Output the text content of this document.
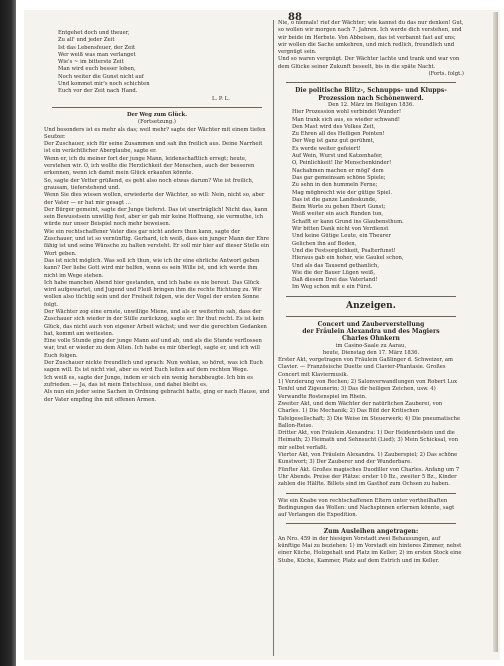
88

Entgehet doch und theuer,

Zu all' und jeder Zeit

Ist das Lebensfeuer, der Zeit

Wer weiß was man verlanget

Wie's ~ im bitterste Zeit

Man wird euch besser loben,

Noch weiter die Gunst nicht auf

Und kommet mir's noch schichten

Euch vor der Zeit nach Hand.

L. P. L.

Der Weg zum Glück.

(Fortsetzung.)

Und besonders ist es mehr als das; weil mehr? sagte der Wächter mit einem tiefen Seufzer.

Der Zuschauer, sich für seine Zusammen und sah ihn freilich aus. Deine Narrheit ist ein verächtlicher Aberglaube, sagte er.

Wenn er, ich du meiner fort der junge Mann, leidenschaftlich erregt; heute, verstehen wir. O, ich wollte die Herzlichkeit der Menschen, auch der besseren erkennen, wenn ich damit mein Glück erkaufen könnte.

So, sagte der Vetter grüßend, es geht also noch etwas darum? Wie ist freilich, grausam, tieferstehend und.

Wenn Sie dies wissen wollen, erwiederte der Wächter, so will: Nein, nicht so, aber der Vater — er hat mir gesagt …

Der Bürger gemeint, sagte der Junge tieferst. Das ist unerträglich! Nicht das, kann sein Bewusstsein unwillig fest, aber er gab mir keine Hoffnung, sie vermuthe, ich würde nur unser Beispiel noch mehr beweisen.

Wie ein rechtschaffener Vater dies gar nicht anders thun kann, sagte der Zuschauer, und ist so vernünftig. Gerhard, ich weiß, dass ein junger Mann der Ehre fähig ist und seine Wünsche zu halten versteht. Er soll mir hier auf dieser Stelle ein Wort geben.

Das ist nicht möglich. Was soll ich thun, wie ich ihr eine ehrliche Antwort geben kann? Der liebe Gott wird mir helfen, wenn es sein Wille ist, und ich werde ihm nicht im Wege stehen.

Ich habe manchen Abend hier gestanden, und ich habe es nie bereut. Das Glück wird aufgewartet, und Jugend und Fleiß bringen ihm die rechte Richtung zu. Wir wollen also tüchtig sein und der Freiheit folgen, wie der Vogel der ersten Sonne folgt.

Der Wächter zog eine ernste, unwillige Miene, und als er weiterhin sah, dass der Zuschauer sich wieder in der Stille zurückzog, sagte er: Ihr thut recht. Es ist kein Glück, das nicht auch von eigener Arbeit wächst; und wer die gerechten Gedanken hat, kommt am weitesten.

Eine volle Stunde ging der junge Mann auf und ab, und als die Stunde verflossen war, trat er wieder zu dem Alten. Ich habe es mir überlegt, sagte er, und ich will Euch folgen.

Der Zuschauer nickte freundlich und sprach: Nun wohlan, so höret, was ich Euch sagen will. Es ist nicht viel, aber es wird Euch leiten auf dem rechten Wege.

Ich weiß es, sagte der Junge, indem er sich ein wenig herabbeugte. Ich bin es zufrieden. — Ja, das ist mein Entschluss, und dabei bleibt es.

Als nun ein jeder seine Sachen in Ordnung gebracht hatte, ging er nach Hause, und der Vater empfing ihn mit offenen Armen.

Nie, o niemals! rief der Wächter; wie kannst du das nur denken! Gut, so wollen wir morgen nach 7. Jahren. Ich werde dich verstehen, und wir beide im Herbste. Von Abbeisen, das ist verbannt fast auf uns; wir wollen die Sache umkehren, und mich redlich, freundlich und vergnügt sein.

Und so waren vergnügt. Der Wächter lachte und trank und war von dem Glücke seiner Zukunft beseelt, bis in die späte Nacht.

(Forts. folgt.)

Die politische Blitz-, Schnupps- und Klupps-Prozession nach Schönenwerd.

Den 12. März im Heiligen 1836.

Hier Prozession wohl verbindet Wunder!

Man trank sich aus, es wieder schwand!

Den Mast wird des Volkes Zeit,

Zu Ehren all des Heiligen Pointen!

Der Weg ist ganz gut gerühmt,

Es werde weiter gefeiert!

Auf Wein, Wurst und Katzenhafer,

O, Peinlichkeit! Ihr Menschenkinder!

Nachahmen machen er mögl' dem

Das gar gemeinsam schöne Spiele;

Zu sehn in den hummeln Ferne;

Mag mögbrecht wie der gütige Spiel.

Das ist die ganze Landeskunde,

Beim Worte zu gehen Ebert Gunst;

Weiß weiter ein auch Runden tun,

Schafft er kann Grund ins Glaubensthum.

Wir bitten Dank nicht von Verdienst

Und keine Gütige Leute, ein Theurer

Gelichen ihn auf Boden,

Und die Festsorglichkeit, Psalterfunst!

Hieraus gab ein hoher, wie Gaukel schon,

Und als das Tausend gethanlich,

Wie die der Bauer Lügen weiß,

Daß diesem Drei das Vaterland!

Im Weg schon mit e ein Fürst.

Anzeigen.

Concert und Zauberverstellung

der Fräulein Alexandra und des Magiers

Charles Ohnkern

im Casino-Saale zu Aarau,

heute, Dienstag den 17. März 1836.

Erster Akt, vorgetragen von Fräulein Gaßlinger d. Schweizer, am Clavier. — Französische Duette und Clavier-Phantasie. Großes Concert mit Klaviermusik.

1) Verzierung von Rechen; 2) Salonverwandlungen von Robert Lux Tenfel und Zigeunerin; 3) Das dir heiligen Zeichen, usw. 4) Verwandte Rostenspiel im Rhein.

Zweiter Akt, und dem Wächter der natürlichen Zauberei, von Charles. 1) Die Mechanik; 2) Das Bild der Kritischen Tafelgesellschaft; 3) Die Weise im Steuerwerk; 4) Die pneumatische Ballon-Reise.

Dritter Akt, von Fräulein Alexandra: 1) Der Heidenröslein und die Heimath; 2) Heimath und Sehnsucht (Lied); 3) Mein Schicksal, von mir selbst verfaßt.

Vierter Akt, von Fräulein Alexandra. 1) Zauberspiel; 2) Das schöne Kunstwort; 3) Der Zauberer und der Wunderbare.

Fünfter Akt. Großes magisches Duodiller von Charles. Anfang um 7 Uhr Abends. Preise der Plätze: erster 10 Bz., zweiter 5 Bz., Kinder zahlen die Hälfte. Billets sind im Gasthof zum Ochsen zu haben.

Wie ein Knabe von rechtschaffenen Eltern unter vortheilhaften Bedingungen das Wollen: und Nachspinnen erlernen könnte, sagt auf Verlangen die Expedition.

Zum Ausleihen angetragen:

An Nro. 459 in der hiesigen Vorstadt zwei Behausungen, auf künftige Mai zu beziehen: 1) im Vorstadt ein hinteres Zimmer, nebst einer Küche, Holzgehalt und Platz im Keller; 2) im ersten Stock eine Stube, Küche, Kammer, Platz auf dem Estrich und im Keller.
